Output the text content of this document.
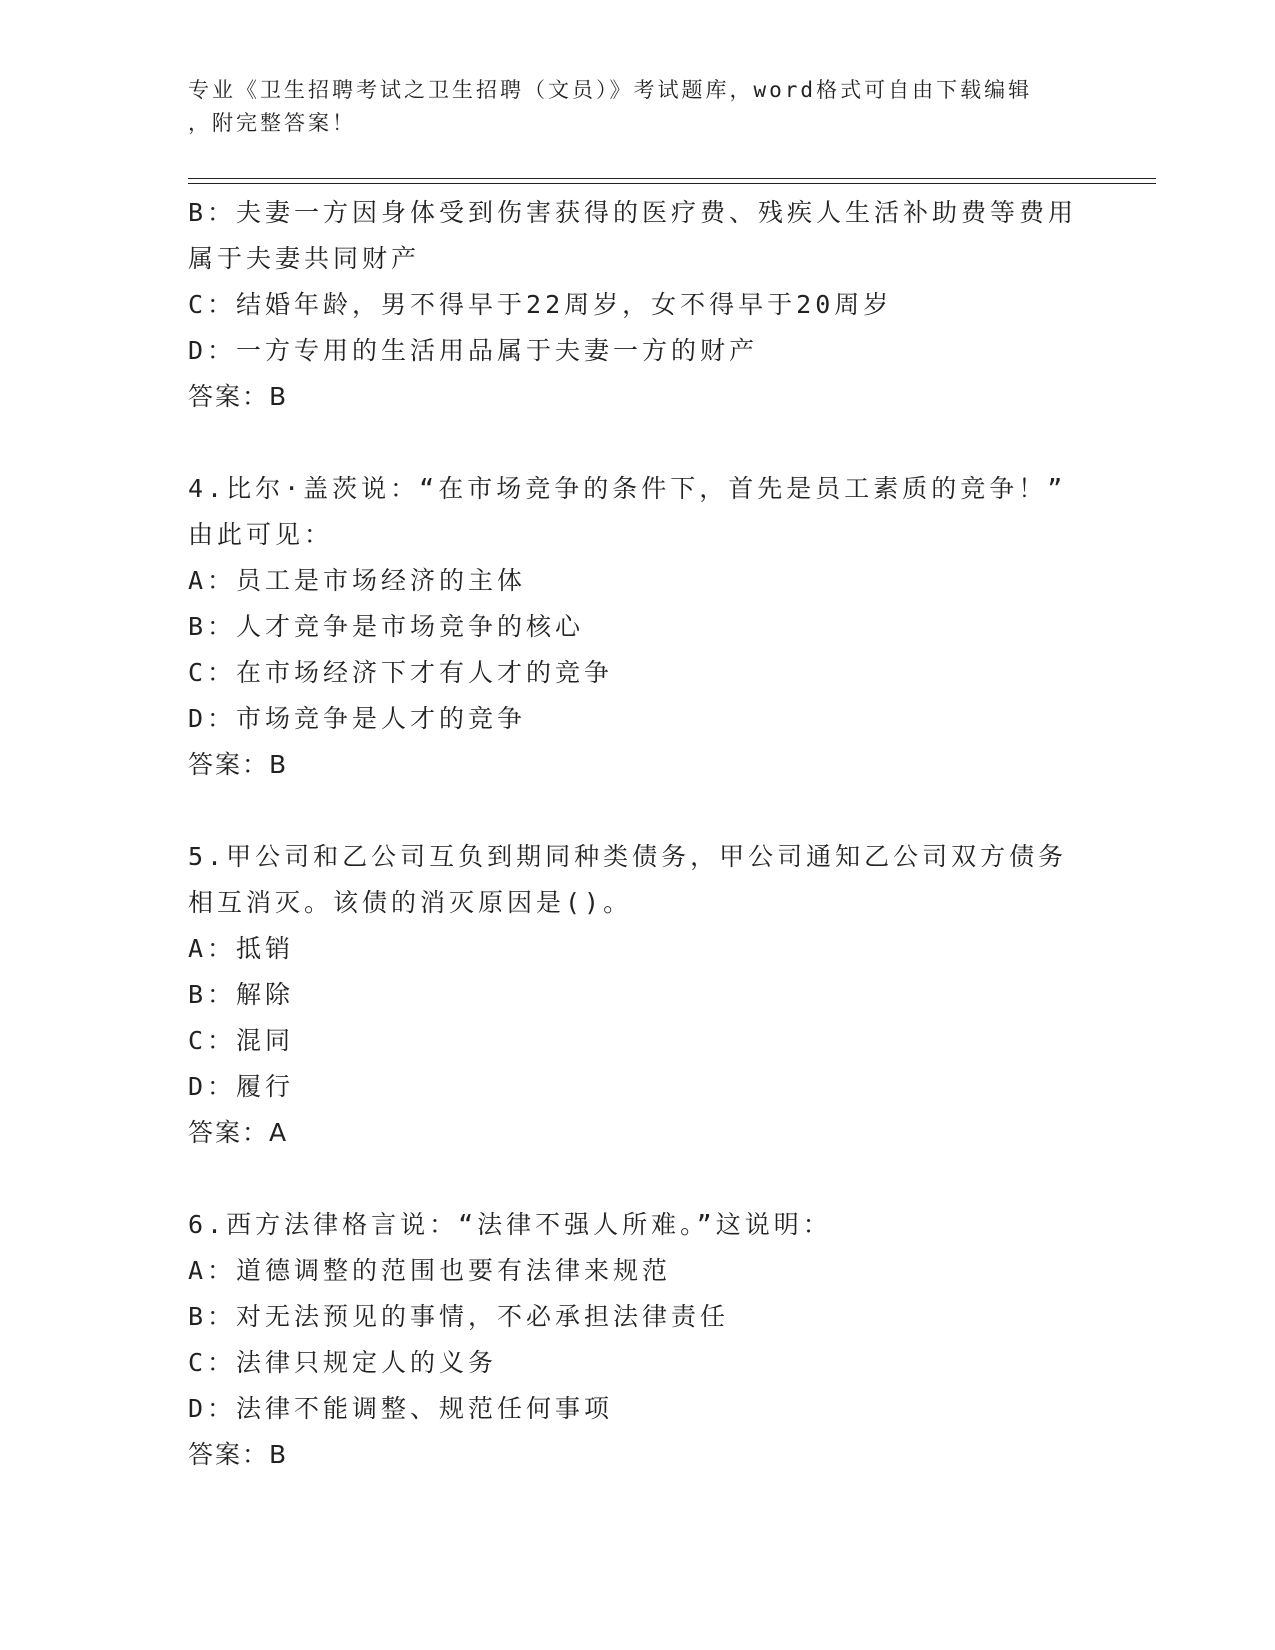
专业《卫生招聘考试之卫生招聘（文员）》考试题库，word格式可自由下载编辑
，附完整答案！
B：夫妻一方因身体受到伤害获得的医疗费、残疾人生活补助费等费用
属于夫妻共同财产
C：结婚年龄，男不得早于22周岁，女不得早于20周岁
D：一方专用的生活用品属于夫妻一方的财产
答案：B
4.比尔·盖茨说：“在市场竞争的条件下，首先是员工素质的竞争！”
由此可见：
A：员工是市场经济的主体
B：人才竞争是市场竞争的核心
C：在市场经济下才有人才的竞争
D：市场竞争是人才的竞争
答案：B
5.甲公司和乙公司互负到期同种类债务，甲公司通知乙公司双方债务
相互消灭。该债的消灭原因是()。
A：抵销
B：解除
C：混同
D：履行
答案：A
6.西方法律格言说：“法律不强人所难。”这说明：
A：道德调整的范围也要有法律来规范
B：对无法预见的事情，不必承担法律责任
C：法律只规定人的义务
D：法律不能调整、规范任何事项
答案：B
